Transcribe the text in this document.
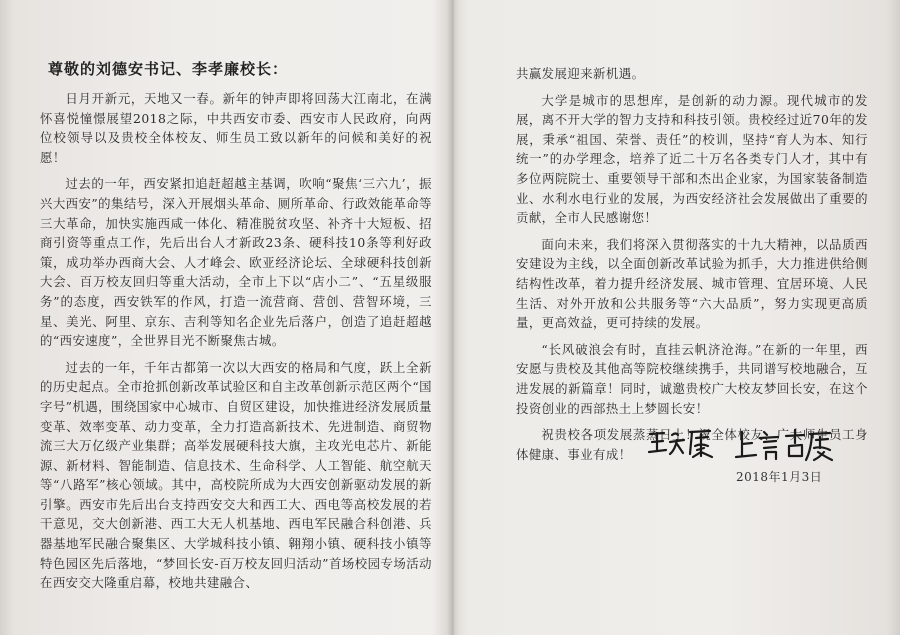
尊敬的刘德安书记、李孝廉校长：

日月开新元，天地又一春。新年的钟声即将回荡大江南北，在满怀喜悦憧憬展望2018之际，中共西安市委、西安市人民政府，向两位校领导以及贵校全体校友、师生员工致以新年的问候和美好的祝愿！

过去的一年，西安紧扣追赶超越主基调，吹响“聚焦‘三六九’，振兴大西安”的集结号，深入开展烟头革命、厕所革命、行政效能革命等三大革命，加快实施西咸一体化、精准脱贫攻坚、补齐十大短板、招商引资等重点工作，先后出台人才新政23条、硬科技10条等利好政策，成功举办西商大会、人才峰会、欧亚经济论坛、全球硬科技创新大会、百万校友回归等重大活动，全市上下以“店小二”、“五星级服务”的态度，西安铁军的作风，打造一流营商、营创、营智环境，三星、美光、阿里、京东、吉利等知名企业先后落户，创造了追赶超越的“西安速度”，全世界目光不断聚焦古城。

过去的一年，千年古都第一次以大西安的格局和气度，跃上全新的历史起点。全市抢抓创新改革试验区和自主改革创新示范区两个“国字号”机遇，围绕国家中心城市、自贸区建设，加快推进经济发展质量变革、效率变革、动力变革，全力打造高新技术、先进制造、商贸物流三大万亿级产业集群；高举发展硬科技大旗，主攻光电芯片、新能源、新材料、智能制造、信息技术、生命科学、人工智能、航空航天等“八路军”核心领域。其中，高校院所成为大西安创新驱动发展的新引擎。西安市先后出台支持西安交大和西工大、西电等高校发展的若干意见，交大创新港、西工大无人机基地、西电军民融合科创港、兵器基地军民融合聚集区、大学城科技小镇、翱翔小镇、硬科技小镇等特色园区先后落地，“梦回长安-百万校友回归活动”首场校园专场活动在西安交大隆重启幕，校地共建融合、

共赢发展迎来新机遇。

大学是城市的思想库，是创新的动力源。现代城市的发展，离不开大学的智力支持和科技引领。贵校经过近70年的发展，秉承“祖国、荣誉、责任”的校训，坚持“育人为本、知行统一”的办学理念，培养了近二十万名各类专门人才，其中有多位两院院士、重要领导干部和杰出企业家，为国家装备制造业、水利水电行业的发展，为西安经济社会发展做出了重要的贡献，全市人民感谢您！

面向未来，我们将深入贯彻落实的十九大精神，以品质西安建设为主线，以全面创新改革试验为抓手，大力推进供给侧结构性改革，着力提升经济发展、城市管理、宜居环境、人民生活、对外开放和公共服务等“六大品质”，努力实现更高质量，更高效益，更可持续的发展。

“长风破浪会有时，直挂云帆济沧海。”在新的一年里，西安愿与贵校及其他高等院校继续携手，共同谱写校地融合，互进发展的新篇章！同时，诚邀贵校广大校友梦回长安，在这个投资创业的西部热土上梦圆长安！

祝贵校各项发展蒸蒸日上！祝全体校友、广大师生员工身体健康、事业有成！

2018年1月3日
